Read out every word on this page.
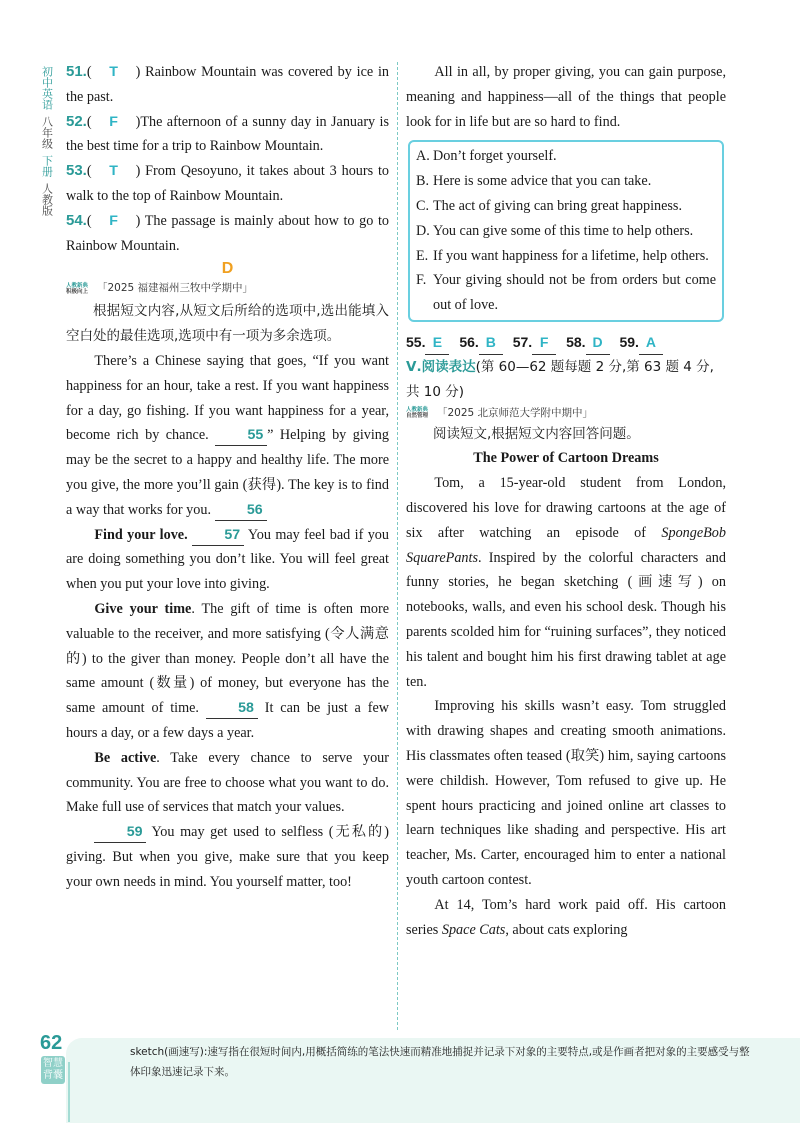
初中英语
八年级
下册
人教版
51.( T ) Rainbow Mountain was covered by ice in the past.
52.( F )The afternoon of a sunny day in January is the best time for a trip to Rainbow Mountain.
53.( T ) From Qesoyuno, it takes about 3 hours to walk to the top of Rainbow Mountain.
54.( F ) The passage is mainly about how to go to Rainbow Mountain.
D
人教新典
积极向上 「2025 福建福州三牧中学期中」
根据短文内容,从短文后所给的选项中,选出能填入空白处的最佳选项,选项中有一项为多余选项。
There’s a Chinese saying that goes, “If you want happiness for an hour, take a rest. If you want happiness for a day, go fishing. If you want happiness for a year, become rich by chance.	55 ” Helping by giving may be the secret to a happy and healthy life. The more you give, the more you’ll gain (获得). The key is to find a way that works for you.	56
Find your love.	57 You may feel bad if you are doing something you don’t like. You will feel great when you put your love into giving.
Give your time. The gift of time is often more valuable to the receiver, and more satisfying (令人满意的) to the giver than money. People don’t all have the same amount (数量) of money, but everyone has the same amount of time.	58 It can be just a few hours a day, or a few days a year.
Be active. Take every chance to serve your community. You are free to choose what you want to do. Make full use of services that match your values.
59 You may get used to selfless (无私的) giving. But when you give, make sure that you keep your own needs in mind. You yourself matter, too!
All in all, by proper giving, you can gain purpose, meaning and happiness—all of the things that people look for in life but are so hard to find.
A. Don’t forget yourself.
B. Here is some advice that you can take.
C. The act of giving can bring great happiness.
D. You can give some of this time to help others.
E. If you want happiness for a lifetime, help others.
F. Your giving should not be from orders but come out of love.
55. E 56. B 57. F 58. D 59. A
Ⅴ.阅读表达(第 60—62 题每题 2 分,第 63 题 4 分,共 10 分)
人教新典
自然管理 「2025 北京师范大学附中期中」
阅读短文,根据短文内容回答问题。
The Power of Cartoon Dreams
Tom, a 15-year-old student from London, discovered his love for drawing cartoons at the age of six after watching an episode of SpongeBob SquarePants. Inspired by the colorful characters and funny stories, he began sketching (画速写) on notebooks, walls, and even his school desk. Though his parents scolded him for “ruining surfaces”, they noticed his talent and bought him his first drawing tablet at age ten.
Improving his skills wasn’t easy. Tom struggled with drawing shapes and creating smooth animations. His classmates often teased (取笑) him, saying cartoons were childish. However, Tom refused to give up. He spent hours practicing and joined online art classes to learn techniques like shading and perspective. His art teacher, Ms. Carter, encouraged him to enter a national youth cartoon contest.
At 14, Tom’s hard work paid off. His cartoon series Space Cats, about cats exploring
62
智慧背囊
sketch(画速写):速写指在很短时间内,用概括简练的笔法快速而精准地捕捉并记录下对象的主要特点,或是作画者把对象的主要感受与整体印象迅速记录下来。
